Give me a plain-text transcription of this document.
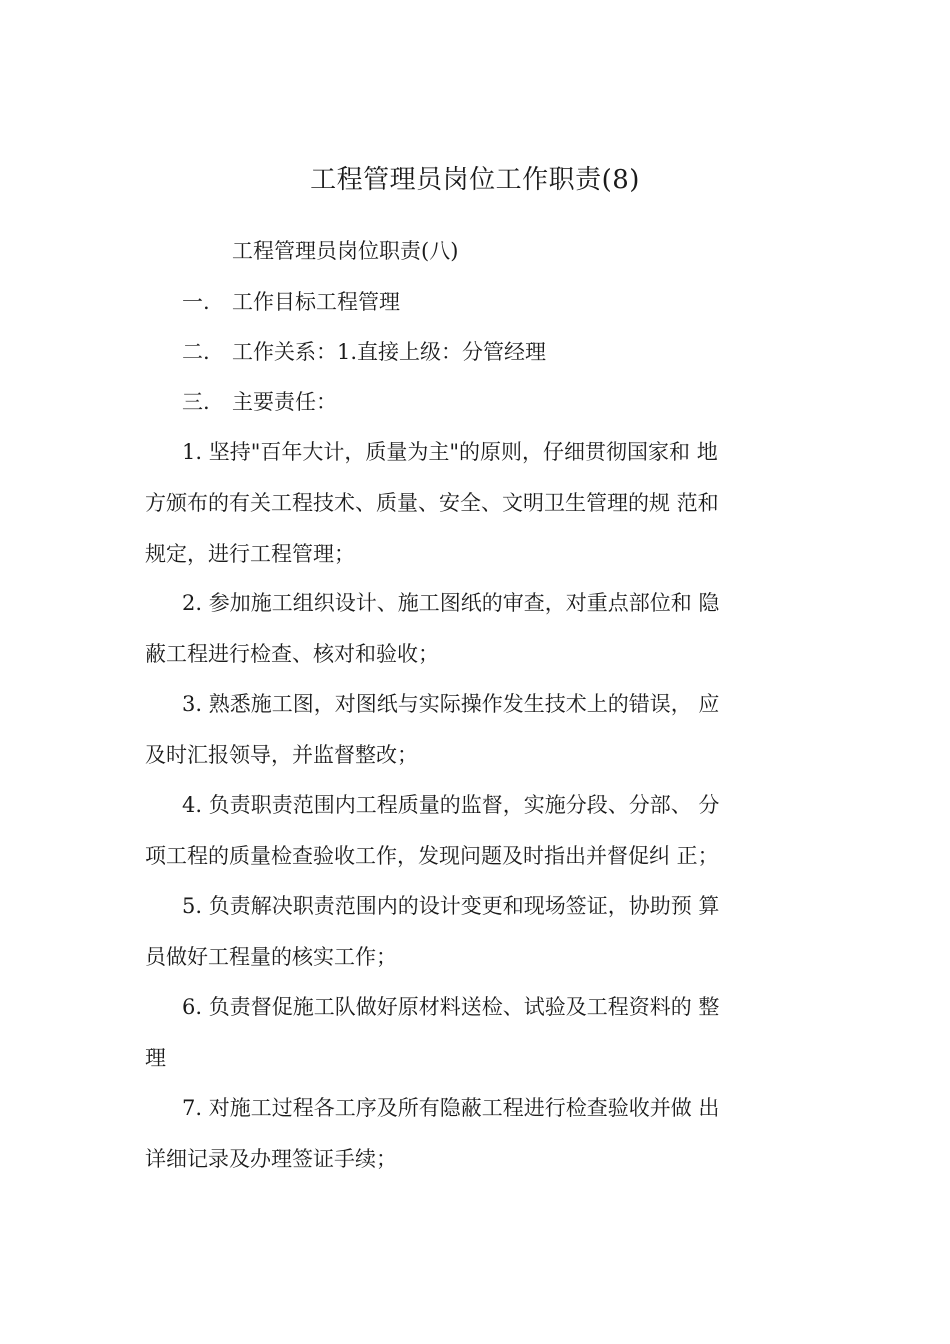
工程管理员岗位工作职责(8)
工程管理员岗位职责(八)
一. 工作目标工程管理
二. 工作关系：1.直接上级：分管经理
三. 主要责任：
1. 坚持"百年大计，质量为主"的原则，仔细贯彻国家和 地
方颁布的有关工程技术、质量、安全、文明卫生管理的规 范和
规定，进行工程管理；
2. 参加施工组织设计、施工图纸的审查，对重点部位和 隐
蔽工程进行检查、核对和验收；
3. 熟悉施工图，对图纸与实际操作发生技术上的错误， 应
及时汇报领导，并监督整改；
4. 负责职责范围内工程质量的监督，实施分段、分部、 分
项工程的质量检查验收工作，发现问题及时指出并督促纠 正；
5. 负责解决职责范围内的设计变更和现场签证，协助预 算
员做好工程量的核实工作；
6. 负责督促施工队做好原材料送检、试验及工程资料的 整
理
7. 对施工过程各工序及所有隐蔽工程进行检查验收并做 出
详细记录及办理签证手续；
